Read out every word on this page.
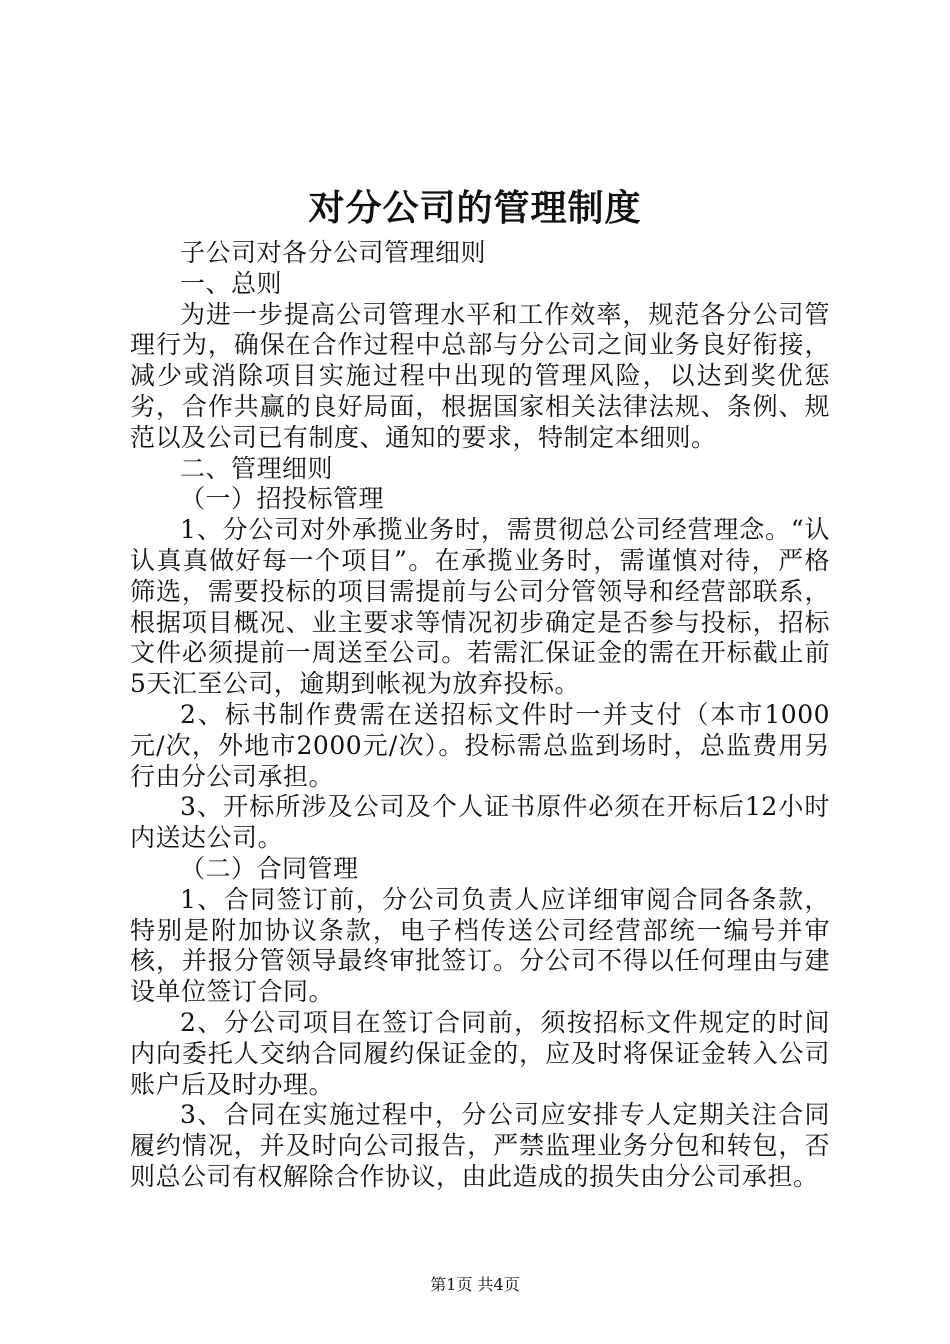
对分公司的管理制度

子公司对各分公司管理细则

一、总则

为进一步提高公司管理水平和工作效率，规范各分公司管理行为，确保在合作过程中总部与分公司之间业务良好衔接，减少或消除项目实施过程中出现的管理风险，以达到奖优惩劣，合作共赢的良好局面，根据国家相关法律法规、条例、规范以及公司已有制度、通知的要求，特制定本细则。

二、管理细则

（一）招投标管理

1、分公司对外承揽业务时，需贯彻总公司经营理念。“认认真真做好每一个项目”。在承揽业务时，需谨慎对待，严格筛选，需要投标的项目需提前与公司分管领导和经营部联系，根据项目概况、业主要求等情况初步确定是否参与投标，招标文件必须提前一周送至公司。若需汇保证金的需在开标截止前5天汇至公司，逾期到帐视为放弃投标。

2、标书制作费需在送招标文件时一并支付（本市1000元/次，外地市2000元/次）。投标需总监到场时，总监费用另行由分公司承担。

3、开标所涉及公司及个人证书原件必须在开标后12小时内送达公司。

（二）合同管理

1、合同签订前，分公司负责人应详细审阅合同各条款，特别是附加协议条款，电子档传送公司经营部统一编号并审核，并报分管领导最终审批签订。分公司不得以任何理由与建设单位签订合同。

2、分公司项目在签订合同前，须按招标文件规定的时间内向委托人交纳合同履约保证金的，应及时将保证金转入公司账户后及时办理。

3、合同在实施过程中，分公司应安排专人定期关注合同履约情况，并及时向公司报告，严禁监理业务分包和转包，否则总公司有权解除合作协议，由此造成的损失由分公司承担。

第1页 共4页
